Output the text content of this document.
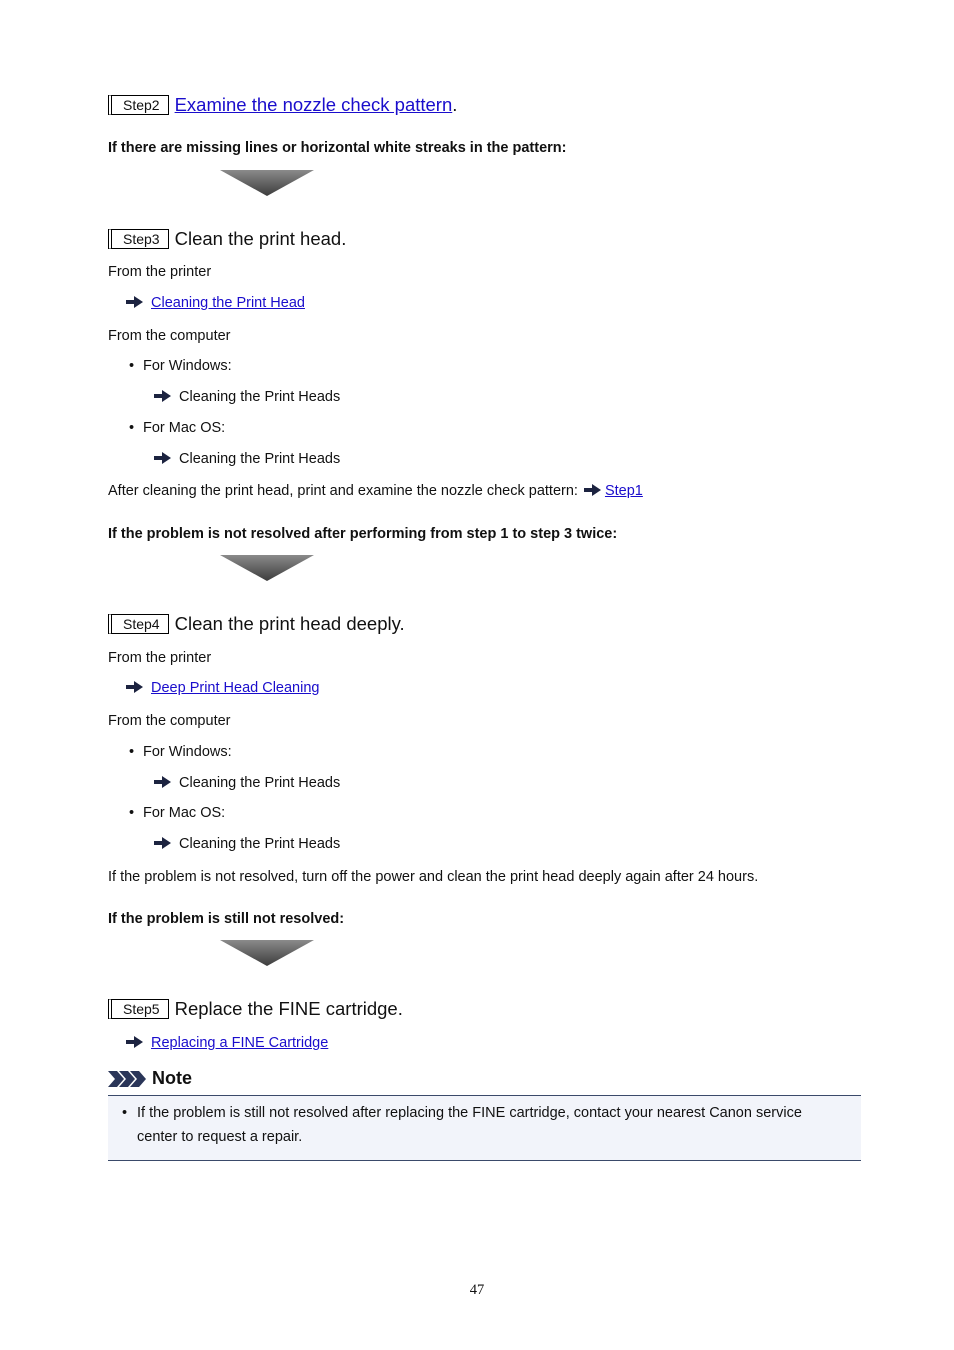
Step2 Examine the nozzle check pattern .
If there are missing lines or horizontal white streaks in the pattern:
Step3 Clean the print head.
From the printer
Cleaning the Print Head
From the computer
• For Windows:
Cleaning the Print Heads
• For Mac OS:
Cleaning the Print Heads
After cleaning the print head, print and examine the nozzle check pattern: Step1
If the problem is not resolved after performing from step 1 to step 3 twice:
Step4 Clean the print head deeply.
From the printer
Deep Print Head Cleaning
From the computer
• For Windows:
Cleaning the Print Heads
• For Mac OS:
Cleaning the Print Heads
If the problem is not resolved, turn off the power and clean the print head deeply again after 24 hours.
If the problem is still not resolved:
Step5 Replace the FINE cartridge.
Replacing a FINE Cartridge
Note
• If the problem is still not resolved after replacing the FINE cartridge, contact your nearest Canon service center to request a repair.
47
